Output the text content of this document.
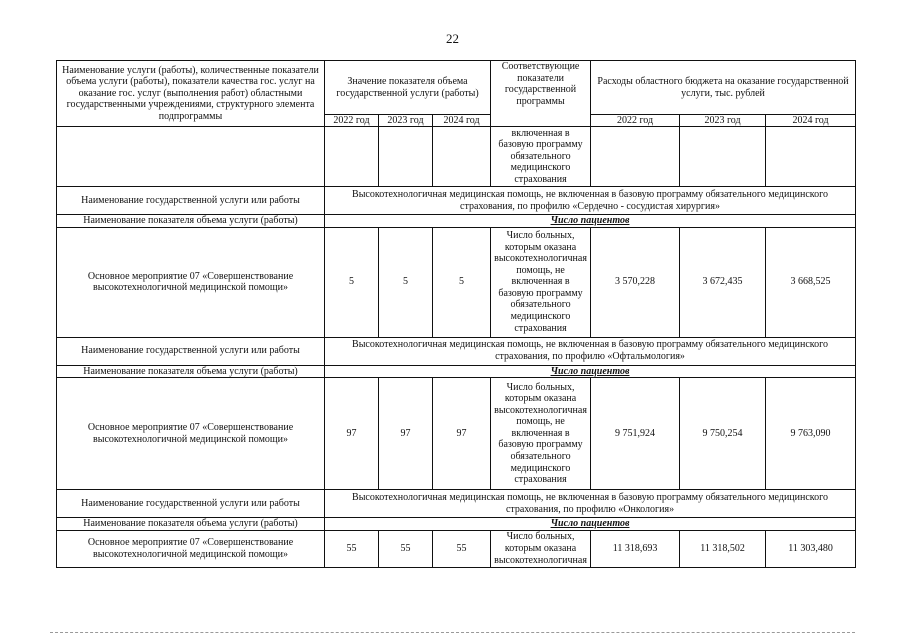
22
Наименование услуги (работы), количественные показатели объема услуги (работы), показатели качества гос. услуг на оказание гос. услуг (выполнения работ) областными государственными учреждениями, структурного элемента подпрограммы	Значение показателя объема государственной услуги (работы)			Соответствующие показатели государственной программы	Расходы областного бюджета на оказание государственной услуги, тыс. рублей		
	2022 год	2023 год	2024 год		2022 год	2023 год	2024 год
				включенная в базовую программу обязательного медицинского страхования			
Наименование государственной услуги или работы	Высокотехнологичная медицинская помощь, не включенная в базовую программу обязательного медицинского страхования, по профилю «Сердечно - сосудистая хирургия»						
Наименование показателя объема услуги (работы)	Число пациентов						
Основное мероприятие 07 «Совершенствование высокотехнологичной медицинской помощи»	5	5	5	Число больных, которым оказана высокотехнологичная помощь, не включенная в базовую программу обязательного медицинского страхования	3 570,228	3 672,435	3 668,525
Наименование государственной услуги или работы	Высокотехнологичная медицинская помощь, не включенная в базовую программу обязательного медицинского страхования, по профилю «Офтальмология»						
Наименование показателя объема услуги (работы)	Число пациентов						
Основное мероприятие 07 «Совершенствование высокотехнологичной медицинской помощи»	97	97	97	Число больных, которым оказана высокотехнологичная помощь, не включенная в базовую программу обязательного медицинского страхования	9 751,924	9 750,254	9 763,090
Наименование государственной услуги или работы	Высокотехнологичная медицинская помощь, не включенная в базовую программу обязательного медицинского страхования, по профилю «Онкология»						
Наименование показателя объема услуги (работы)	Число пациентов						
Основное мероприятие 07 «Совершенствование высокотехнологичной медицинской помощи»	55	55	55	Число больных, которым оказана высокотехнологичная	11 318,693	11 318,502	11 303,480
